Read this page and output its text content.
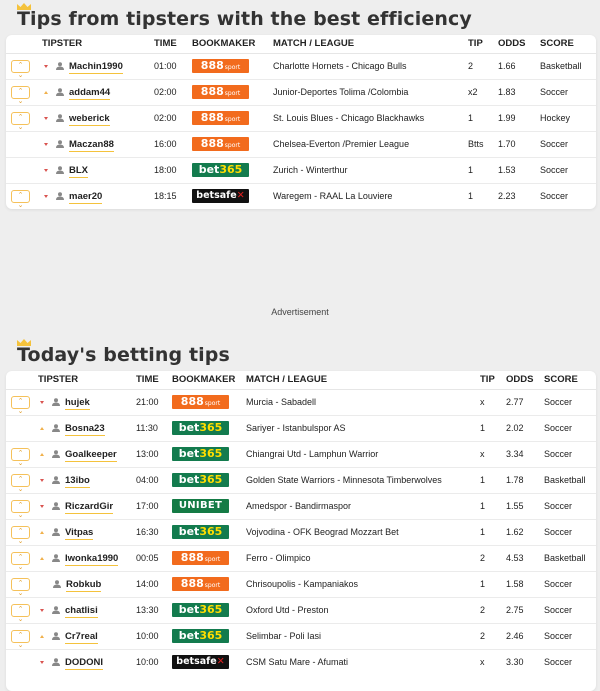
Tips from tipsters with the best efficiency
	TIPSTER	TIME	BOOKMAKER	MATCH / LEAGUE	TIP	ODDS	SCORE
⌃
⌄	Machin1990	01:00	888sport	Charlotte Hornets - Chicago Bulls	2	1.66	Basketball
⌃
⌄	addam44	02:00	888sport	Junior-Deportes Tolima /Colombia	x2	1.83	Soccer
⌃
⌄	weberick	02:00	888sport	St. Louis Blues - Chicago Blackhawks	1	1.99	Hockey
	Maczan88	16:00	888sport	Chelsea-Everton /Premier League	Btts	1.70	Soccer
	BLX	18:00	bet365	Zurich - Winterthur	1	1.53	Soccer
⌃
⌄	maer20	18:15	betsafe✕	Waregem - RAAL La Louviere	1	2.23	Soccer
Advertisement
Today's betting tips
	TIPSTER	TIME	BOOKMAKER	MATCH / LEAGUE	TIP	ODDS	SCORE
⌃
⌄	hujek	21:00	888sport	Murcia - Sabadell	x	2.77	Soccer
	Bosna23	11:30	bet365	Sariyer - Istanbulspor AS	1	2.02	Soccer
⌃
⌄	Goalkeeper	13:00	bet365	Chiangrai Utd - Lamphun Warrior	x	3.34	Soccer
⌃
⌄	13ibo	04:00	bet365	Golden State Warriors - Minnesota Timberwolves	1	1.78	Basketball
⌃
⌄	RiczardGir	17:00	UNIBET	Amedspor - Bandirmaspor	1	1.55	Soccer
⌃
⌄	Vitpas	16:30	bet365	Vojvodina - OFK Beograd Mozzart Bet	1	1.62	Soccer
⌃
⌄	Iwonka1990	00:05	888sport	Ferro - Olimpico	2	4.53	Basketball
⌃
⌄	Robkub	14:00	888sport	Chrisoupolis - Kampaniakos	1	1.58	Soccer
⌃
⌄	chatlisi	13:30	bet365	Oxford Utd - Preston	2	2.75	Soccer
⌃
⌄	Cr7real	10:00	bet365	Selimbar - Poli Iasi	2	2.46	Soccer
	DODONI	10:00	betsafe✕	CSM Satu Mare - Afumati	x	3.30	Soccer
